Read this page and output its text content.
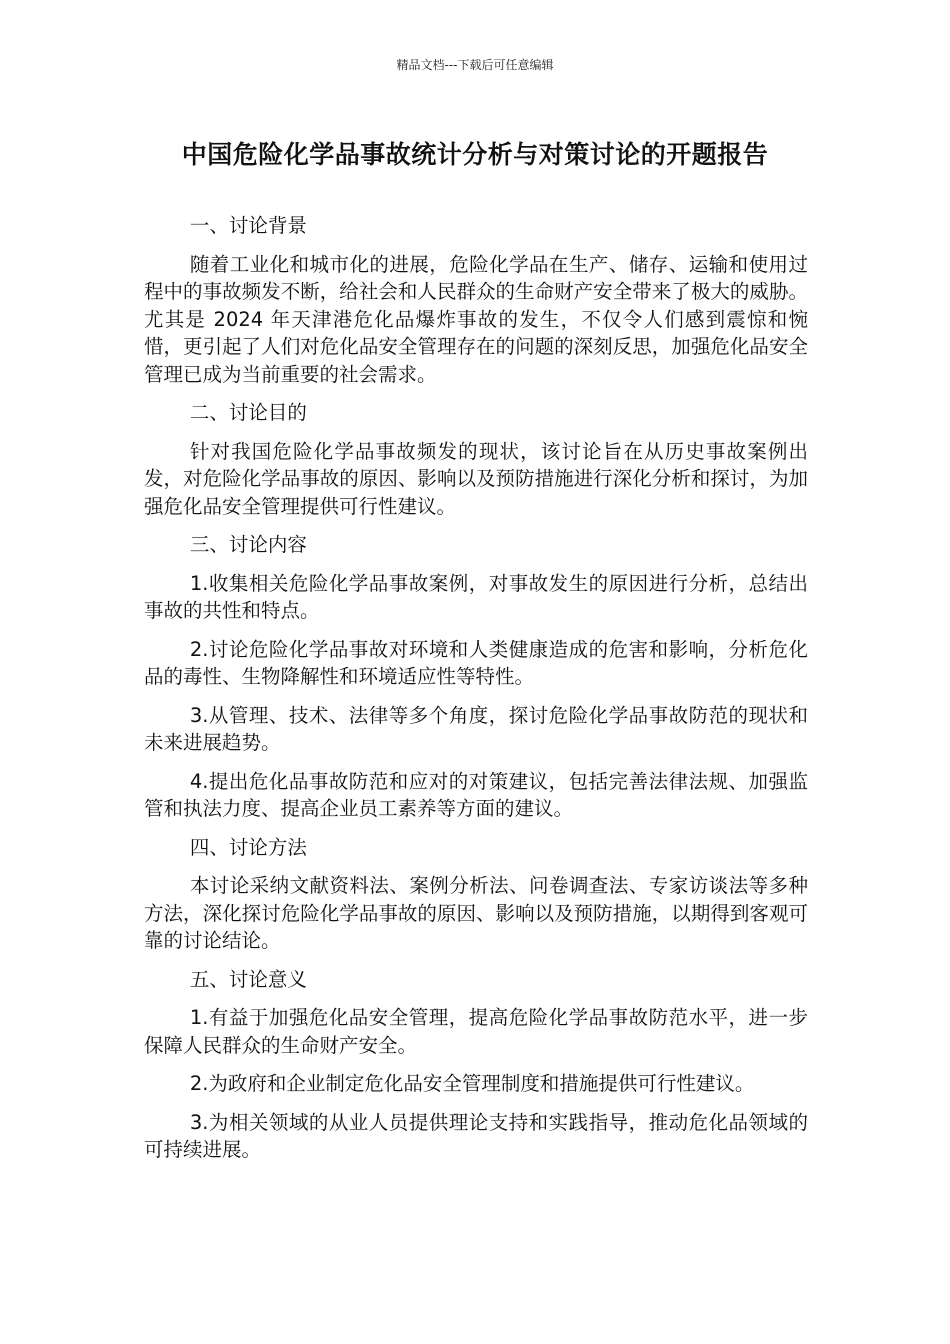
精品文档---下载后可任意编辑
中国危险化学品事故统计分析与对策讨论的开题报告

一、讨论背景

随着工业化和城市化的进展，危险化学品在生产、储存、运输和使用过程中的事故频发不断，给社会和人民群众的生命财产安全带来了极大的威胁。尤其是 2024 年天津港危化品爆炸事故的发生，不仅令人们感到震惊和惋惜，更引起了人们对危化品安全管理存在的问题的深刻反思，加强危化品安全管理已成为当前重要的社会需求。

二、讨论目的

针对我国危险化学品事故频发的现状，该讨论旨在从历史事故案例出发，对危险化学品事故的原因、影响以及预防措施进行深化分析和探讨，为加强危化品安全管理提供可行性建议。

三、讨论内容

1.收集相关危险化学品事故案例，对事故发生的原因进行分析，总结出事故的共性和特点。

2.讨论危险化学品事故对环境和人类健康造成的危害和影响，分析危化品的毒性、生物降解性和环境适应性等特性。

3.从管理、技术、法律等多个角度，探讨危险化学品事故防范的现状和未来进展趋势。

4.提出危化品事故防范和应对的对策建议，包括完善法律法规、加强监管和执法力度、提高企业员工素养等方面的建议。

四、讨论方法

本讨论采纳文献资料法、案例分析法、问卷调查法、专家访谈法等多种方法，深化探讨危险化学品事故的原因、影响以及预防措施，以期得到客观可靠的讨论结论。

五、讨论意义

1.有益于加强危化品安全管理，提高危险化学品事故防范水平，进一步保障人民群众的生命财产安全。

2.为政府和企业制定危化品安全管理制度和措施提供可行性建议。

3.为相关领域的从业人员提供理论支持和实践指导，推动危化品领域的可持续进展。
